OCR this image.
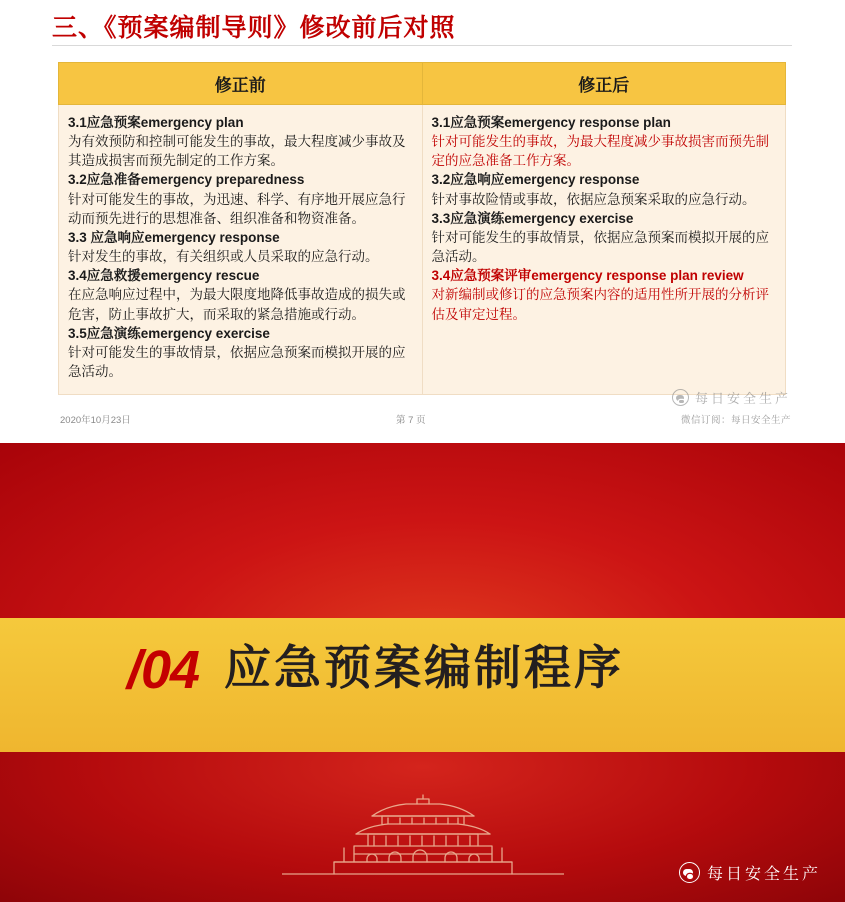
三、《预案编制导则》修改前后对照
修正前	修正后

3.1应急预案emergency plan
为有效预防和控制可能发生的事故，最大程度减少事故及其造成损害而预先制定的工作方案。
3.2应急准备emergency preparedness
针对可能发生的事故，为迅速、科学、有序地开展应急行动而预先进行的思想准备、组织准备和物资准备。
3.3 应急响应emergency response
针对发生的事故，有关组织或人员采取的应急行动。
3.4应急救援emergency rescue
在应急响应过程中，为最大限度地降低事故造成的损失或危害，防止事故扩大，而采取的紧急措施或行动。
3.5应急演练emergency exercise
针对可能发生的事故情景，依据应急预案而模拟开展的应急活动。

3.1应急预案emergency response plan
针对可能发生的事故，为最大程度减少事故损害而预先制定的应急准备工作方案。
3.2应急响应emergency response
针对事故险情或事故，依据应急预案采取的应急行动。
3.3应急演练emergency exercise
针对可能发生的事故情景，依据应急预案而模拟开展的应急活动。
3.4应急预案评审emergency response plan review
对新编制或修订的应急预案内容的适用性所开展的分析评估及审定过程。
2020年10月23日	第 7 页
每日安全生产
微信订阅：每日安全生产
/04 应急预案编制程序
每日安全生产
